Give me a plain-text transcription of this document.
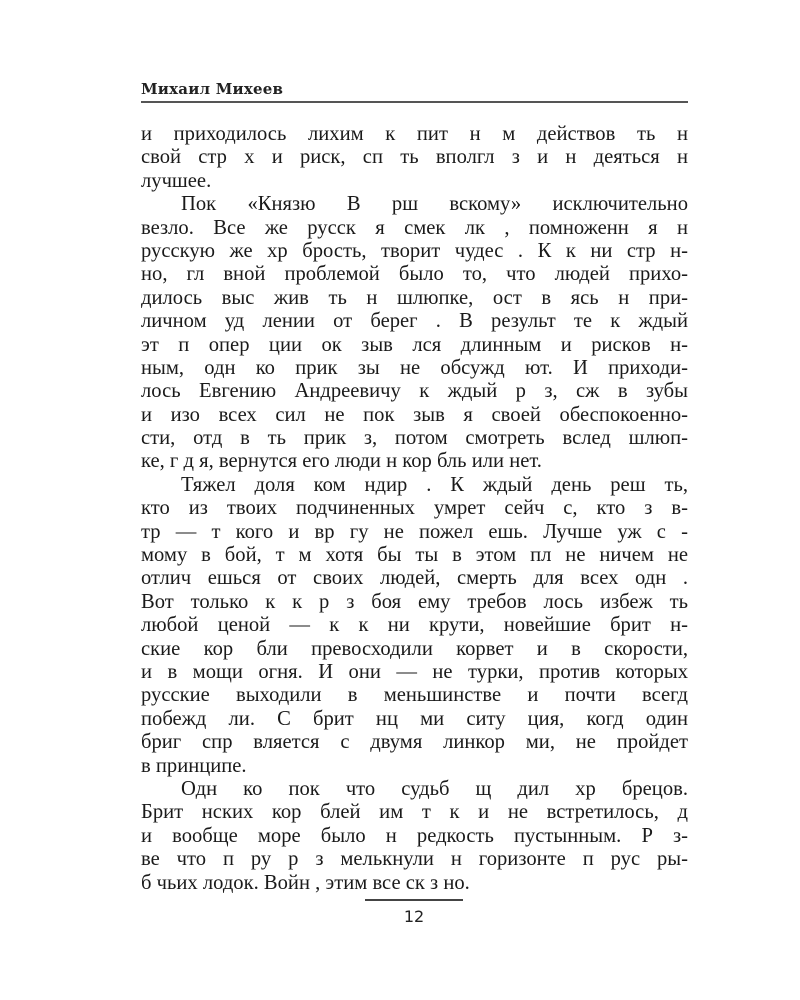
Михаил Михеев
и приходилось лихим к пит н м действов ть н
свой стр х и риск, сп ть вполгл з и н деяться н
лучшее.
Пок «Князю В рш вскому» исключительно
везло. Все же русск я смек лк , помноженн я н
русскую же хр брость, творит чудес . К к ни стр н-
но, гл вной проблемой было то, что людей прихо-
дилось выс жив ть н шлюпке, ост в ясь н при-
личном уд лении от берег . В результ те к ждый
эт п опер ции ок зыв лся длинным и рисков н-
ным, одн ко прик зы не обсужд ют. И приходи-
лось Евгению Андреевичу к ждый р з, сж в зубы
и изо всех сил не пок зыв я своей обеспокоенно-
сти, отд в ть прик з, потом смотреть вслед шлюп-
ке, г д я, вернутся его люди н кор бль или нет.
Тяжел доля ком ндир . К ждый день реш ть,
кто из твоих подчиненных умрет сейч с, кто з в-
тр — т кого и вр гу не пожел ешь. Лучше уж с -
мому в бой, т м хотя бы ты в этом пл не ничем не
отлич ешься от своих людей, смерть для всех одн .
Вот только к к р з боя ему требов лось избеж ть
любой ценой — к к ни крути, новейшие брит н-
ские кор бли превосходили корвет и в скорости,
и в мощи огня. И они — не турки, против которых
русские выходили в меньшинстве и почти всегд
побежд ли. С брит нц ми ситу ция, когд один
бриг спр вляется с двумя линкор ми, не пройдет
в принципе.
Одн ко пок что судьб щ дил хр брецов.
Брит нских кор блей им т к и не встретилось, д
и вообще море было н редкость пустынным. Р з-
ве что п ру р з мелькнули н горизонте п рус ры-
б чьих лодок. Войн , этим все ск з но.
12
